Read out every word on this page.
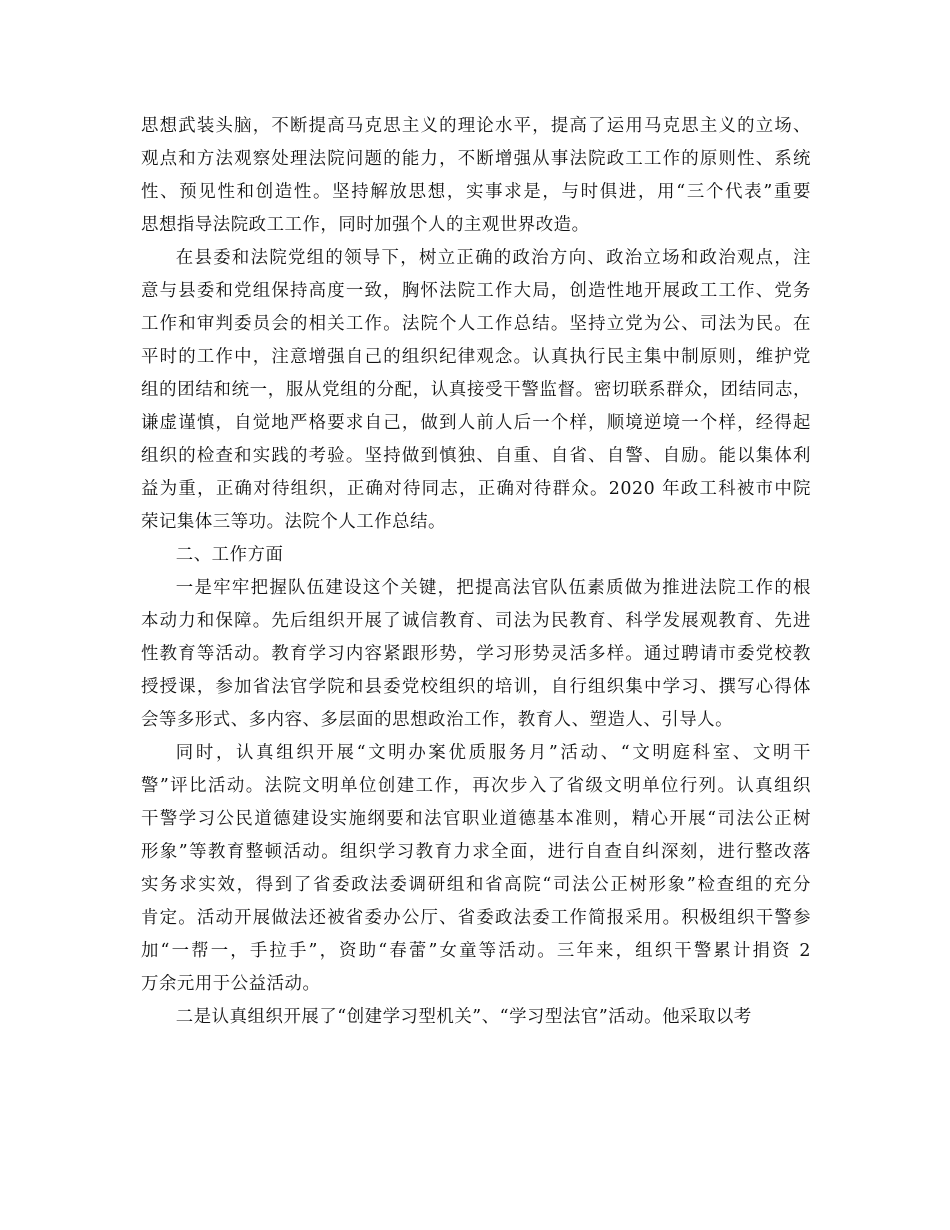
思想武装头脑，不断提高马克思主义的理论水平，提高了运用马克思主义的立场、
观点和方法观察处理法院问题的能力，不断增强从事法院政工工作的原则性、系统
性、预见性和创造性。坚持解放思想，实事求是，与时俱进，用“三个代表”重要
思想指导法院政工工作，同时加强个人的主观世界改造。
在县委和法院党组的领导下，树立正确的政治方向、政治立场和政治观点，注
意与县委和党组保持高度一致，胸怀法院工作大局，创造性地开展政工工作、党务
工作和审判委员会的相关工作。法院个人工作总结。坚持立党为公、司法为民。在
平时的工作中，注意增强自己的组织纪律观念。认真执行民主集中制原则，维护党
组的团结和统一，服从党组的分配，认真接受干警监督。密切联系群众，团结同志，
谦虚谨慎，自觉地严格要求自己，做到人前人后一个样，顺境逆境一个样，经得起
组织的检查和实践的考验。坚持做到慎独、自重、自省、自警、自励。能以集体利
益为重，正确对待组织，正确对待同志，正确对待群众。2020 年政工科被市中院
荣记集体三等功。法院个人工作总结。
二、工作方面
一是牢牢把握队伍建设这个关键，把提高法官队伍素质做为推进法院工作的根
本动力和保障。先后组织开展了诚信教育、司法为民教育、科学发展观教育、先进
性教育等活动。教育学习内容紧跟形势，学习形势灵活多样。通过聘请市委党校教
授授课，参加省法官学院和县委党校组织的培训，自行组织集中学习、撰写心得体
会等多形式、多内容、多层面的思想政治工作，教育人、塑造人、引导人。
同时，认真组织开展“文明办案优质服务月”活动、“文明庭科室、文明干
警”评比活动。法院文明单位创建工作，再次步入了省级文明单位行列。认真组织
干警学习公民道德建设实施纲要和法官职业道德基本准则，精心开展“司法公正树
形象”等教育整顿活动。组织学习教育力求全面，进行自查自纠深刻，进行整改落
实务求实效，得到了省委政法委调研组和省高院“司法公正树形象”检查组的充分
肯定。活动开展做法还被省委办公厅、省委政法委工作简报采用。积极组织干警参
加“一帮一，手拉手”，资助“春蕾”女童等活动。三年来，组织干警累计捐资 2
万余元用于公益活动。
二是认真组织开展了“创建学习型机关”、“学习型法官”活动。他采取以考
